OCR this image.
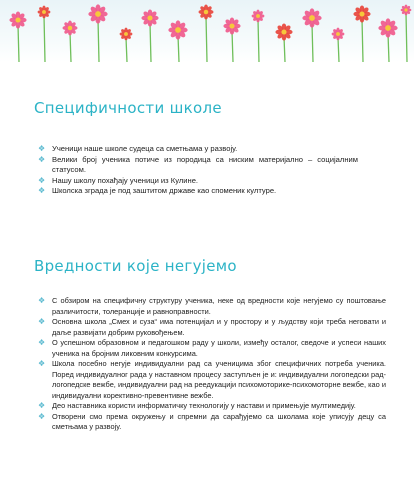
Специфичности школе
❖ Ученици наше школе судеца са сметњама у развоју.
❖ Велики број ученика потиче из породица са ниским материјално – социјалним статусом.
❖ Нашу школу похађају ученици из Кулине.
❖ Школска зграда је под заштитом државе као споменик културе.
Вредности које негујемо
❖ С обзиром на специфичну структуру ученика, неке од вредности које негујемо су поштовање различитости, толеранције и равноправности.
❖ Основна школа „Смех и суза“ има потенцијал и у простору и у људству који треба неговати и даље развијати добрим руковођењем.
❖ О успешном образовном и педагошком раду у школи, између осталог, сведоче и успеси наших ученика на бројним ликовним конкурсима.
❖ Школа посебно негује индивидуални рад са ученицима због специфичних потреба ученика. Поред индивидуалног рада у наставном процесу заступљен је и: индивидуални логопедски рад-логопедске вежбе, индивидуални рад на реедукацији психомоторике-психомоторне вежбе, као и индивидуални корективно-превентивне вежбе.
❖ Део наставника користи информатичку технологију у настави и примењује мултимедију.
❖ Отворени смо према окружењу и спремни да сарађујемо са школама које уписују децу са сметњама у развоју.
